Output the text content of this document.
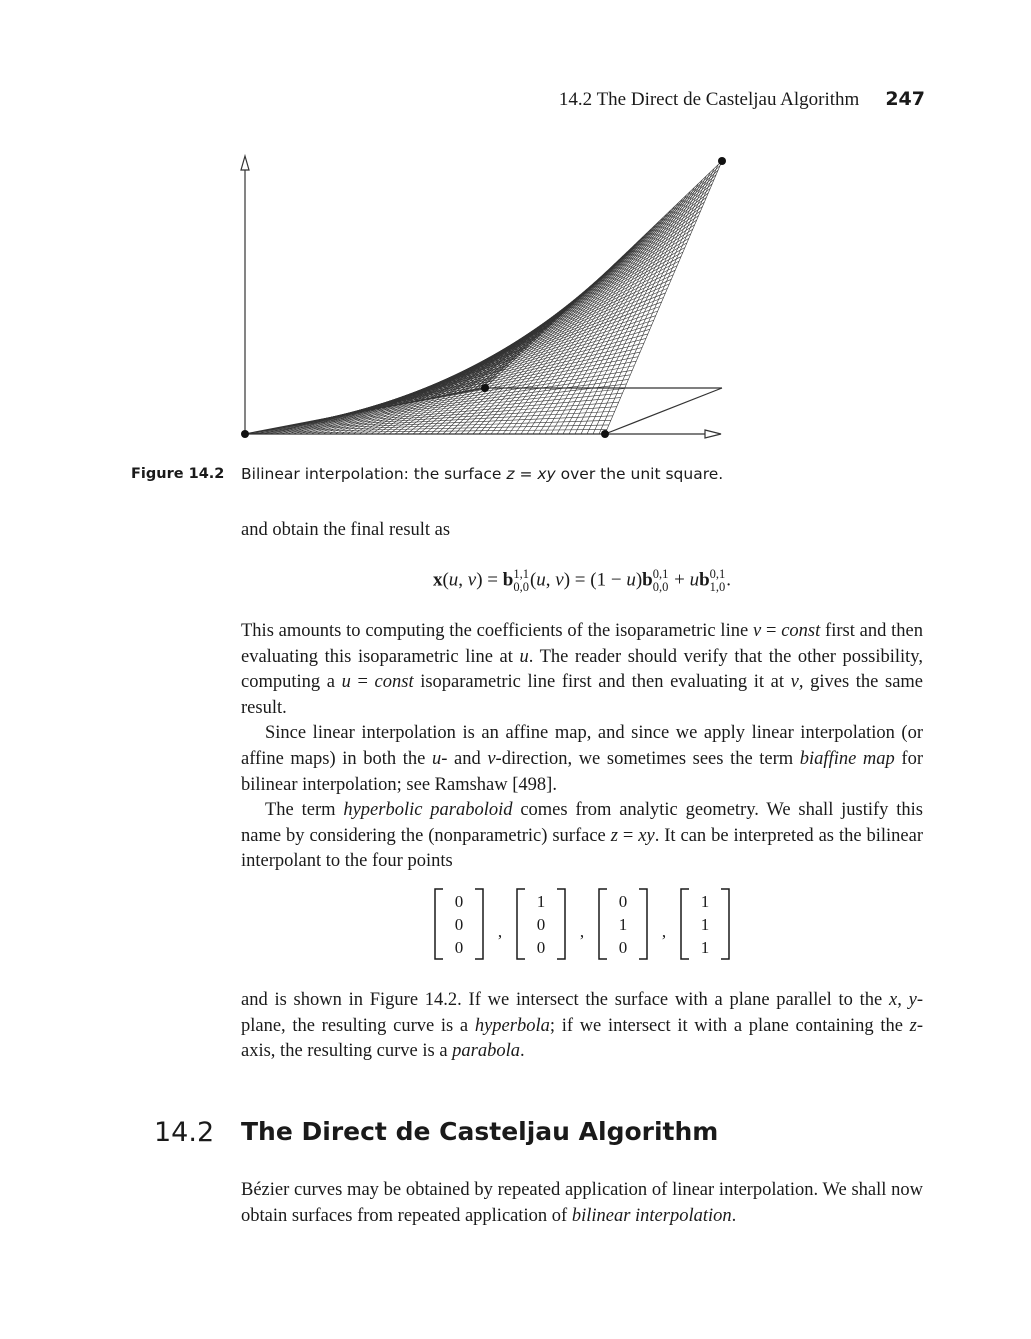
14.2 The Direct de Casteljau Algorithm 247
Figure 14.2 Bilinear interpolation: the surface z = xy over the unit square.
and obtain the final result as
x(u, v) = b 1,1
0,0 (u, v) = (1 − u)b 0,1
0,0 + ub 0,1
1,0 .

This amounts to computing the coefficients of the isoparametric line v = const first and then evaluating this isoparametric line at u. The reader should verify that the other possibility, computing a u = const isoparametric line first and then evaluating it at v, gives the same result.

Since linear interpolation is an affine map, and since we apply linear interpolation (or affine maps) in both the u- and v-direction, we sometimes sees the term biaffine map for bilinear interpolation; see Ramshaw [498].

The term hyperbolic paraboloid comes from analytic geometry. We shall justify this name by considering the (nonparametric) surface z = xy. It can be interpreted as the bilinear interpolant to the four points

0
0
0
,
1
0
0
,
0
1
0
,
1
1
1

and is shown in Figure 14.2. If we intersect the surface with a plane parallel to the x, y-plane, the resulting curve is a hyperbola; if we intersect it with a plane containing the z-axis, the resulting curve is a parabola.

14.2 The Direct de Casteljau Algorithm

Bézier curves may be obtained by repeated application of linear interpolation. We shall now obtain surfaces from repeated application of bilinear interpolation.
